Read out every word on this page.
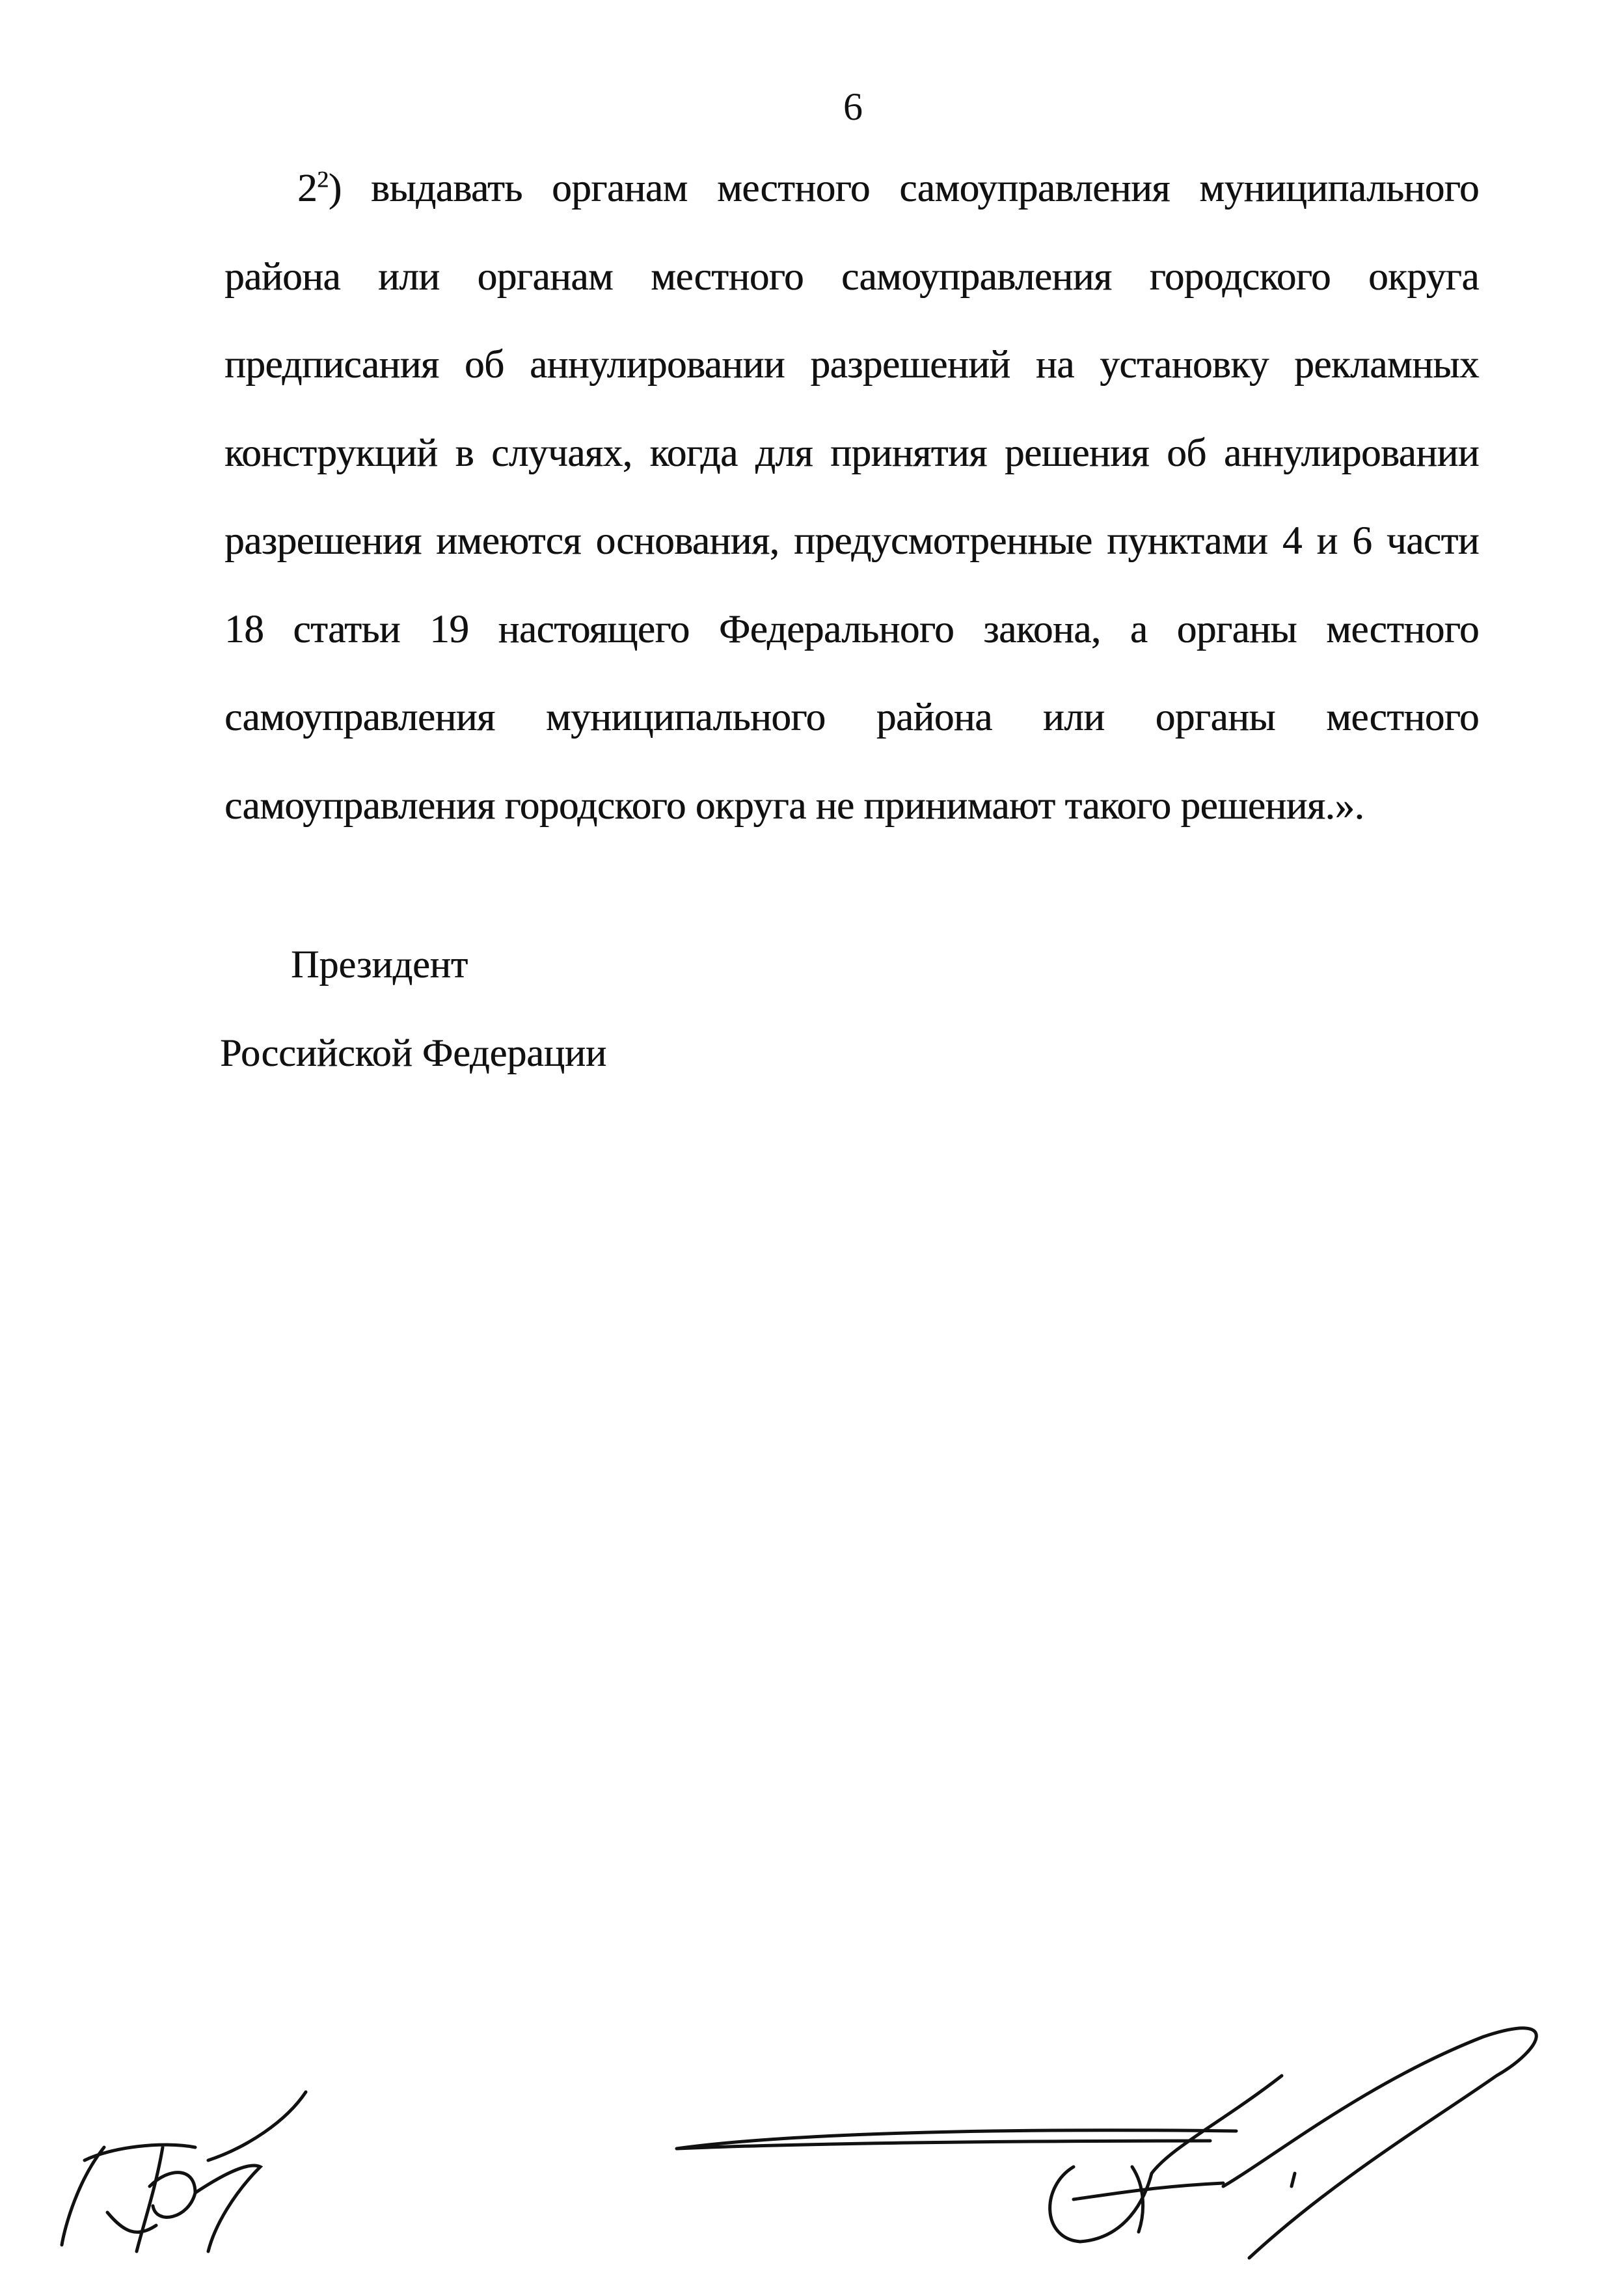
6
$2^2$) выдавать органам местного самоуправления муниципального района или органам местного самоуправления городского округа предписания об аннулировании разрешений на установку рекламных конструкций в случаях, когда для принятия решения об аннулировании разрешения имеются основания, предусмотренные пунктами 4 и 6 части 18 статьи 19 настоящего Федерального закона, а органы местного самоуправления муниципального района или органы местного самоуправления городского округа не принимают такого решения.».
Президент
Российской Федерации
